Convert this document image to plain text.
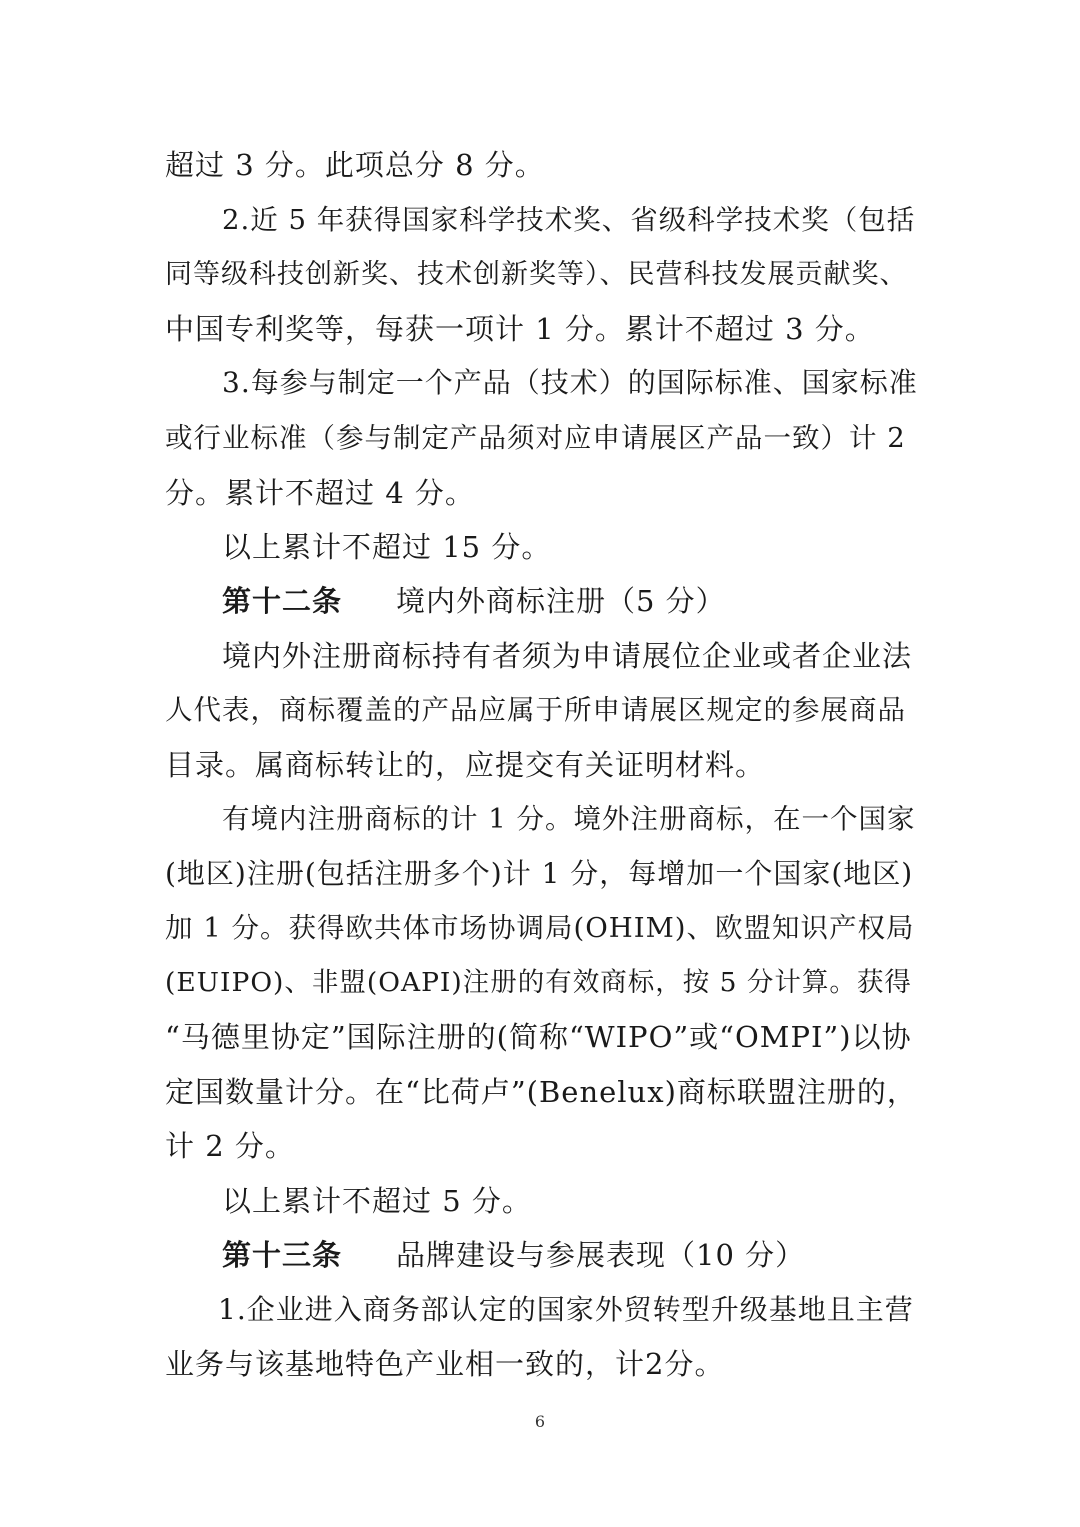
超过 3 分。此项总分 8 分。
2.近 5 年获得国家科学技术奖、省级科学技术奖（包括
同等级科技创新奖、技术创新奖等）、民营科技发展贡献奖、
中国专利奖等，每获一项计 1 分。累计不超过 3 分。
3.每参与制定一个产品（技术）的国际标准、国家标准
或行业标准（参与制定产品须对应申请展区产品一致）计 2
分。累计不超过 4 分。
以上累计不超过 15 分。
第十二条 境内外商标注册（5 分）
境内外注册商标持有者须为申请展位企业或者企业法
人代表，商标覆盖的产品应属于所申请展区规定的参展商品
目录。属商标转让的，应提交有关证明材料。
有境内注册商标的计 1 分。境外注册商标，在一个国家
(地区)注册(包括注册多个)计 1 分，每增加一个国家(地区)
加 1 分。获得欧共体市场协调局(OHIM)、欧盟知识产权局
(EUIPO)、非盟(OAPI)注册的有效商标，按 5 分计算。获得
“马德里协定”国际注册的(简称“WIPO”或“OMPI”)以协
定国数量计分。在“比荷卢”(Benelux)商标联盟注册的，
计 2 分。
以上累计不超过 5 分。
第十三条 品牌建设与参展表现（10 分）
1.企业进入商务部认定的国家外贸转型升级基地且主营
业务与该基地特色产业相一致的，计2分。
6
